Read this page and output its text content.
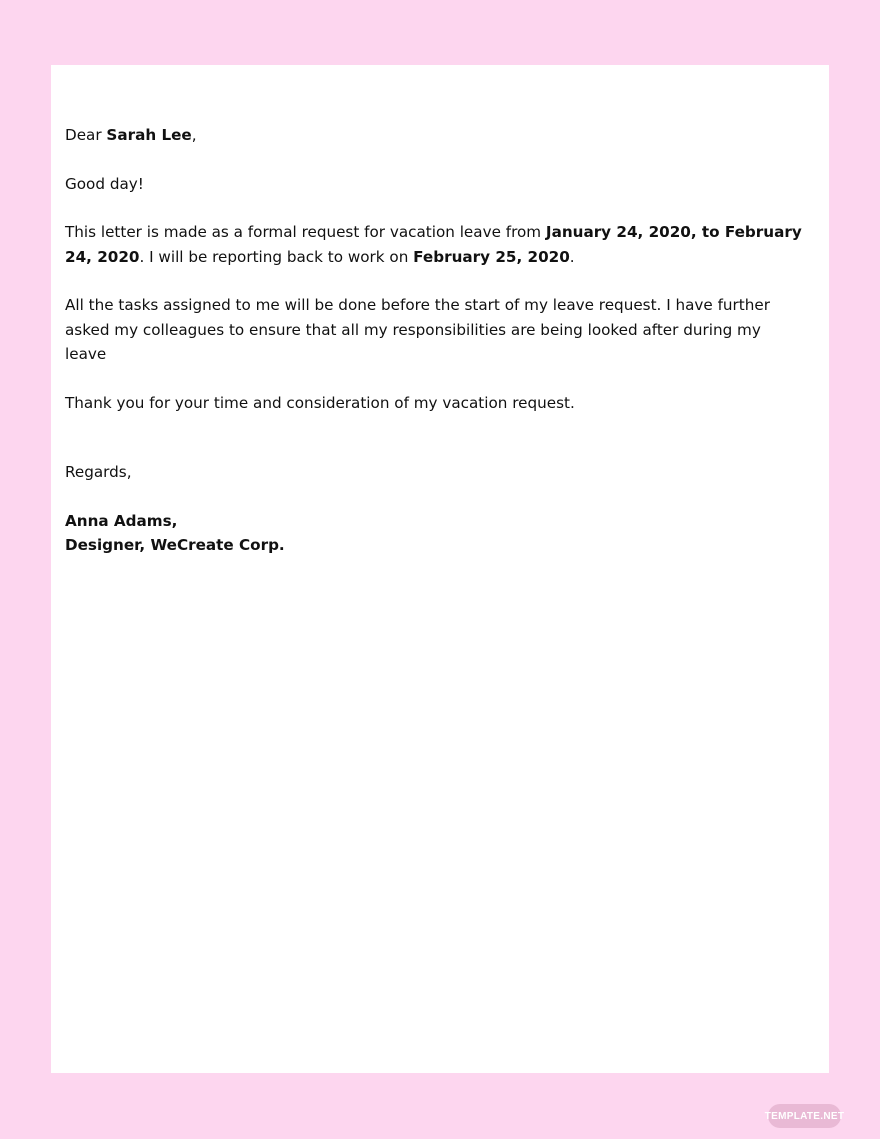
Dear Sarah Lee,

Good day!

This letter is made as a formal request for vacation leave from January 24, 2020, to February 24, 2020. I will be reporting back to work on February 25, 2020.

All the tasks assigned to me will be done before the start of my leave request. I have further asked my colleagues to ensure that all my responsibilities are being looked after during my leave

Thank you for your time and consideration of my vacation request.

Regards,

Anna Adams,
Designer, WeCreate Corp.

TEMPLATE.NET
